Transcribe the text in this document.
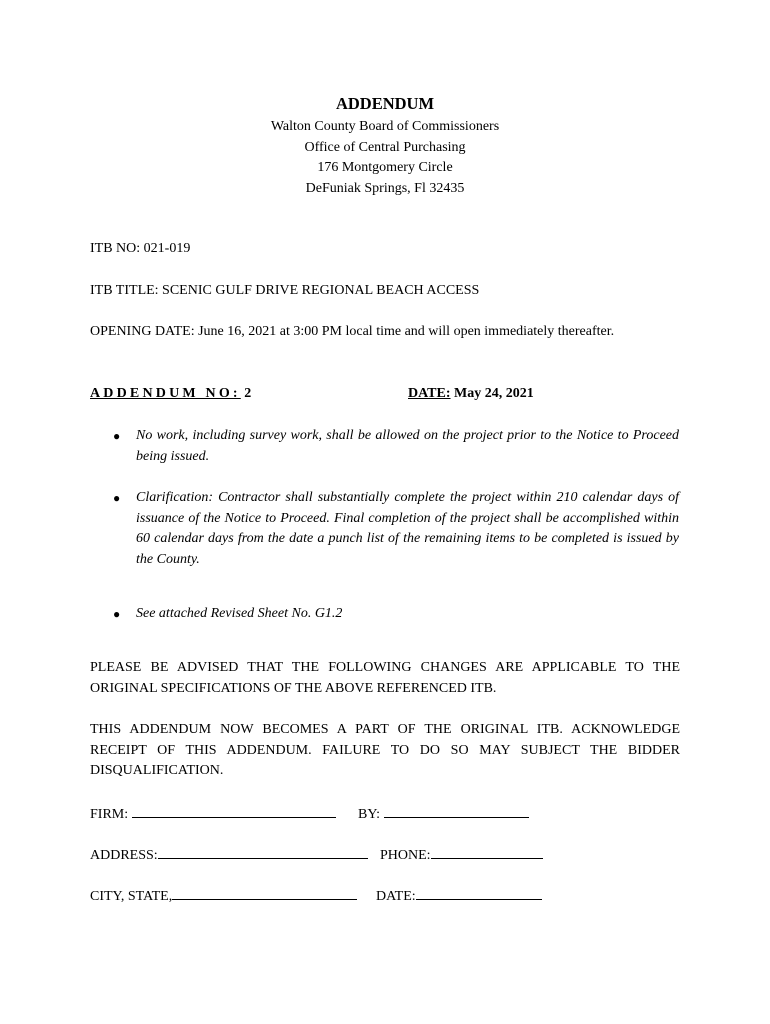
ADDENDUM
Walton County Board of Commissioners
Office of Central Purchasing
176 Montgomery Circle
DeFuniak Springs, Fl 32435
ITB NO: 021-019
ITB TITLE: SCENIC GULF DRIVE REGIONAL BEACH ACCESS
OPENING DATE: June 16, 2021 at 3:00 PM local time and will open immediately thereafter.
ADDENDUM NO: 2	DATE: May 24, 2021
● No work, including survey work, shall be allowed on the project prior to the Notice to Proceed being issued.
● Clarification: Contractor shall substantially complete the project within 210 calendar days of issuance of the Notice to Proceed. Final completion of the project shall be accomplished within 60 calendar days from the date a punch list of the remaining items to be completed is issued by the County.
● See attached Revised Sheet No. G1.2
PLEASE BE ADVISED THAT THE FOLLOWING CHANGES ARE APPLICABLE TO THE ORIGINAL SPECIFICATIONS OF THE ABOVE REFERENCED ITB.
THIS ADDENDUM NOW BECOMES A PART OF THE ORIGINAL ITB. ACKNOWLEDGE RECEIPT OF THIS ADDENDUM. FAILURE TO DO SO MAY SUBJECT THE BIDDER DISQUALIFICATION.
FIRM:	BY:
ADDRESS:	PHONE:
CITY, STATE,	DATE:
